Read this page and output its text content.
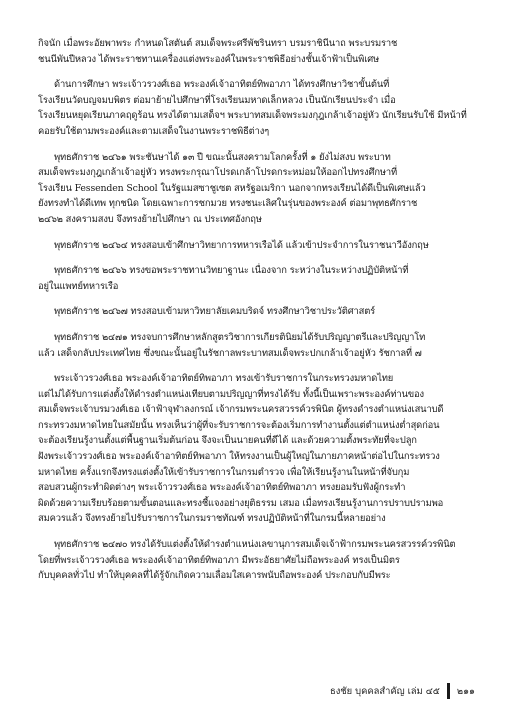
กิจนัก เมื่อพระอัยพาพระ กำหนดโสตันต์ สมเด็จพระศรีพัชรินทรา บรมราชินีนาถ พระบรมราช
ชนนีพันปีหลวง ได้พระราชทานเครื่องแต่งพระองค์ในพระราชพิธีอย่างชั้นเจ้าฟ้าเป็นพิเศษ

ด้านการศึกษา พระเจ้าวรวงศ์เธอ พระองค์เจ้าอาทิตย์ทิพอาภา ได้ทรงศึกษาวิชาขั้นต้นที่
โรงเรียนวัดบญจมบพิตร ต่อมาย้ายไปศึกษาที่โรงเรียนมหาดเล็กหลวง เป็นนักเรียนประจำ เมื่อ
โรงเรียนหยุดเรียนภาคฤดูร้อน ทรงได้ตามเสด็จฯ พระบาทสมเด็จพระมงกุฎเกล้าเจ้าอยู่หัว นักเรียนรับใช้ มีหน้าที่
คอยรับใช้ตามพระองค์และตามเสด็จในงานพระราชพิธีต่างๆ

พุทธศักราช ๒๔๖๑ พระชันษาได้ ๑๓ ปี ขณะนั้นสงครามโลกครั้งที่ ๑ ยังไม่สงบ พระบาท
สมเด็จพระมงกุฎเกล้าเจ้าอยู่หัว ทรงพระกรุณาโปรดเกล้าโปรดกระหม่อมให้ออกไปทรงศึกษาที่
โรงเรียน Fessenden School ในรัฐแมสซาชูเซต สหรัฐอเมริกา นอกจากทรงเรียนได้ดีเป็นพิเศษแล้ว
ยังทรงทำได้ดีเทพ ทุกชนิด โดยเฉพาะการชกมวย ทรงชนะเลิศในรุ่นของพระองค์ ต่อมาพุทธศักราช
๒๔๖๒ สงครามสงบ จึงทรงย้ายไปศึกษา ณ ประเทศอังกฤษ

พุทธศักราช ๒๔๖๔ ทรงสอบเข้าศึกษาวิทยาการทหารเรือได้ แล้วเข้าประจำการในราชนาวีอังกฤษ

พุทธศักราช ๒๔๖๖ ทรงขอพระราชทานวิทยาฐานะ เนื่องจาก ระหว่างในระหว่างปฏิบัติหน้าที่
อยู่ในแพทย์ทหารเรือ

พุทธศักราช ๒๔๖๗ ทรงสอบเข้ามหาวิทยาลัยเคมบริดจ์ ทรงศึกษาวิชาประวัติศาสตร์

พุทธศักราช ๒๔๗๑ ทรงจบการศึกษาหลักสูตรวิชาการเกียรตินิยมได้รับปริญญาตรีและปริญญาโท
แล้ว เสด็จกลับประเทศไทย ซึ่งขณะนั้นอยู่ในรัชกาลพระบาทสมเด็จพระปกเกล้าเจ้าอยู่หัว รัชกาลที่ ๗

พระเจ้าวรวงศ์เธอ พระองค์เจ้าอาทิตย์ทิพอาภา ทรงเข้ารับราชการในกระทรวงมหาดไทย
แต่ไม่ได้รับการแต่งตั้งให้ดำรงตำแหน่งเทียบตามปริญญาที่ทรงได้รับ ทั้งนี้เป็นเพราะพระองค์ท่านของ
สมเด็จพระเจ้าบรมวงศ์เธอ เจ้าฟ้าจุฬาลงกรณ์ เจ้ากรมพระนครสวรรค์วรพินิต ผู้ทรงดำรงตำแหน่งเสนาบดี
กระทรวงมหาดไทยในสมัยนั้น ทรงเห็นว่าผู้ที่จะรับราชการจะต้องเริ่มการทำงานตั้งแต่ตำแหน่งต่ำสุดก่อน
จะต้องเรียนรู้งานตั้งแต่พื้นฐานเริ่มต้นก่อน จึงจะเป็นนายคนที่ดีได้ และด้วยความตั้งพระทัยที่จะปลูก
ฝังพระเจ้าวรวงศ์เธอ พระองค์เจ้าอาทิตย์ทิพอาภา ให้ทรงงานเป็นผู้ใหญ่ในภายภาคหน้าต่อไปในกระทรวง
มหาดไทย ครั้งแรกจึงทรงแต่งตั้งให้เข้ารับราชการในกรมตำรวจ เพื่อให้เรียนรู้งานในหน้าที่จับกุม
สอบสวนผู้กระทำผิดต่างๆ พระเจ้าวรวงศ์เธอ พระองค์เจ้าอาทิตย์ทิพอาภา ทรงยอมรับฟังผู้กระทำ
ผิดด้วยความเรียบร้อยตามขั้นตอนและทรงชี้แจงอย่างยุติธรรม เสมอ เมื่อทรงเรียนรู้งานการปราบปรามพอ
สมควรแล้ว จึงทรงย้ายไปรับราชการในกรมราชทัณฑ์ ทรงปฏิบัติหน้าที่ในกรมนี้หลายอย่าง

พุทธศักราช ๒๔๗๐ ทรงได้รับแต่งตั้งให้ดำรงตำแหน่งเลขานุการสมเด็จเจ้าฟ้ากรมพระนครสวรรค์วรพินิต
โดยที่พระเจ้าวรวงศ์เธอ พระองค์เจ้าอาทิตย์ทิพอาภา มีพระอัธยาศัยไม่ถือพระองค์ ทรงเป็นมิตร
กับบุคคลทั่วไป ทำให้บุคคลที่ได้รู้จักเกิดความเลื่อมใสเคารพนับถือพระองค์ ประกอบกับมีพระ

ธงชัย บุคคลสำคัญ เล่ม ๔๕ ๒๑๑
